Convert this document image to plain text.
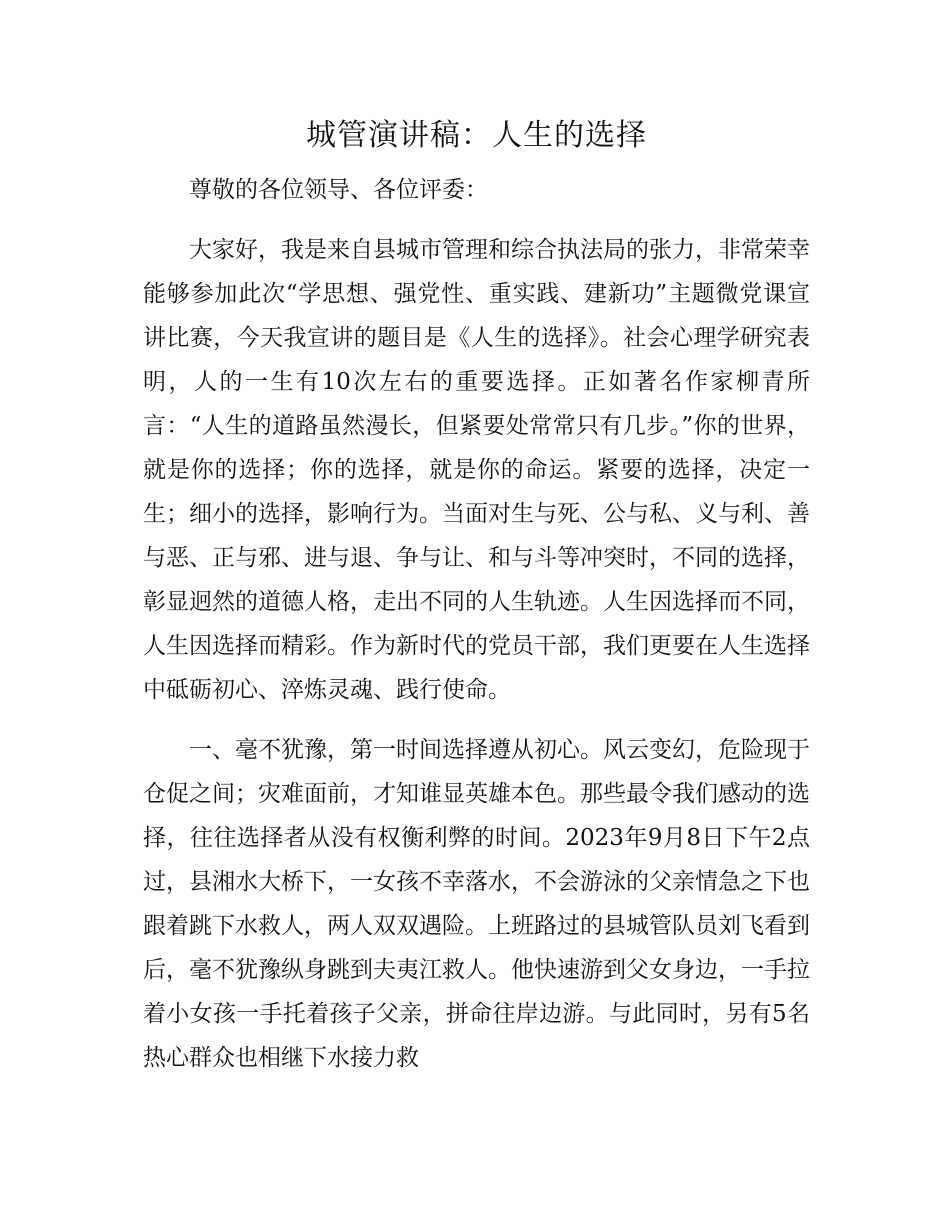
城管演讲稿：人生的选择

尊敬的各位领导、各位评委：

大家好，我是来自县城市管理和综合执法局的张力，非常荣幸能够参加此次“学思想、强党性、重实践、建新功”主题微党课宣讲比赛，今天我宣讲的题目是《人生的选择》。社会心理学研究表明，人的一生有10次左右的重要选择。正如著名作家柳青所言：“人生的道路虽然漫长，但紧要处常常只有几步。”你的世界，就是你的选择；你的选择，就是你的命运。紧要的选择，决定一生；细小的选择，影响行为。当面对生与死、公与私、义与利、善与恶、正与邪、进与退、争与让、和与斗等冲突时，不同的选择，彰显迥然的道德人格，走出不同的人生轨迹。人生因选择而不同，人生因选择而精彩。作为新时代的党员干部，我们更要在人生选择中砥砺初心、淬炼灵魂、践行使命。

一、毫不犹豫，第一时间选择遵从初心。风云变幻，危险现于仓促之间；灾难面前，才知谁显英雄本色。那些最令我们感动的选择，往往选择者从没有权衡利弊的时间。2023年9月8日下午2点过，县湘水大桥下，一女孩不幸落水，不会游泳的父亲情急之下也跟着跳下水救人，两人双双遇险。上班路过的县城管队员刘飞看到后，毫不犹豫纵身跳到夫夷江救人。他快速游到父女身边，一手拉着小女孩一手托着孩子父亲，拼命往岸边游。与此同时，另有5名热心群众也相继下水接力救
